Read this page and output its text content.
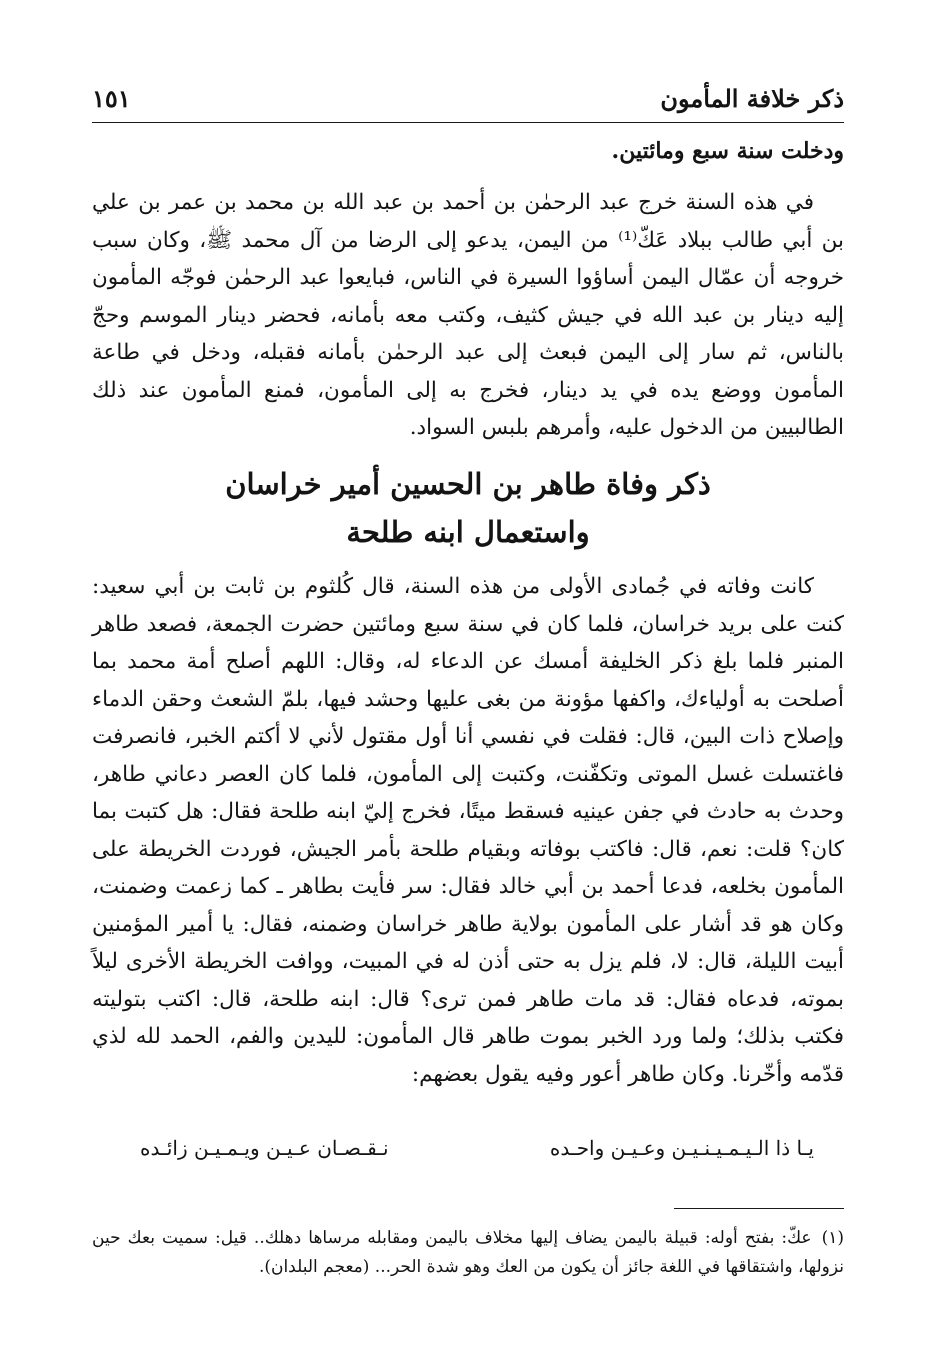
ذكر خلافة المأمون
١٥١
ودخلت سنة سبع ومائتين.

في هذه السنة خرج عبد الرحمٰن بن أحمد بن عبد الله بن محمد بن عمر بن علي بن أبي طالب ببلاد عَكّ⁽¹⁾ من اليمن، يدعو إلى الرضا من آل محمد ﷺ، وكان سبب خروجه أن عمّال اليمن أساؤوا السيرة في الناس، فبايعوا عبد الرحمٰن فوجّه المأمون إليه دينار بن عبد الله في جيش كثيف، وكتب معه بأمانه، فحضر دينار الموسم وحجّ بالناس، ثم سار إلى اليمن فبعث إلى عبد الرحمٰن بأمانه فقبله، ودخل في طاعة المأمون ووضع يده في يد دينار، فخرج به إلى المأمون، فمنع المأمون عند ذلك الطالبيين من الدخول عليه، وأمرهم بلبس السواد.

ذكر وفاة طاهر بن الحسين أمير خراسان
واستعمال ابنه طلحة

كانت وفاته في جُمادى الأولى من هذه السنة، قال كُلثوم بن ثابت بن أبي سعيد: كنت على بريد خراسان، فلما كان في سنة سبع ومائتين حضرت الجمعة، فصعد طاهر المنبر فلما بلغ ذكر الخليفة أمسك عن الدعاء له، وقال: اللهم أصلح أمة محمد بما أصلحت به أولياءك، واكفها مؤونة من بغى عليها وحشد فيها، بلمّ الشعث وحقن الدماء وإصلاح ذات البين، قال: فقلت في نفسي أنا أول مقتول لأني لا أكتم الخبر، فانصرفت فاغتسلت غسل الموتى وتكفّنت، وكتبت إلى المأمون، فلما كان العصر دعاني طاهر، وحدث به حادث في جفن عينيه فسقط ميتًا، فخرج إليّ ابنه طلحة فقال: هل كتبت بما كان؟ قلت: نعم، قال: فاكتب بوفاته وبقيام طلحة بأمر الجيش، فوردت الخريطة على المأمون بخلعه، فدعا أحمد بن أبي خالد فقال: سر فأيت بطاهر ـ كما زعمت وضمنت، وكان هو قد أشار على المأمون بولاية طاهر خراسان وضمنه، فقال: يا أمير المؤمنين أبيت الليلة، قال: لا، فلم يزل به حتى أذن له في المبيت، ووافت الخريطة الأخرى ليلاً بموته، فدعاه فقال: قد مات طاهر فمن ترى؟ قال: ابنه طلحة، قال: اكتب بتوليته فكتب بذلك؛ ولما ورد الخبر بموت طاهر قال المأمون: لليدين والفم، الحمد لله لذي قدّمه وأخّرنا. وكان طاهر أعور وفيه يقول بعضهم:

يـا ذا الـيـمـيـنـيـن وعـيـن واحـده
نـقـصـان عـيـن ويـمـيـن زائـده

(١)عكّ: بفتح أوله: قبيلة باليمن يضاف إليها مخلاف باليمن ومقابله مرساها دهلك.. قيل: سميت بعك حين نزولها، واشتقاقها في اللغة جائز أن يكون من العك وهو شدة الحر... (معجم البلدان).
